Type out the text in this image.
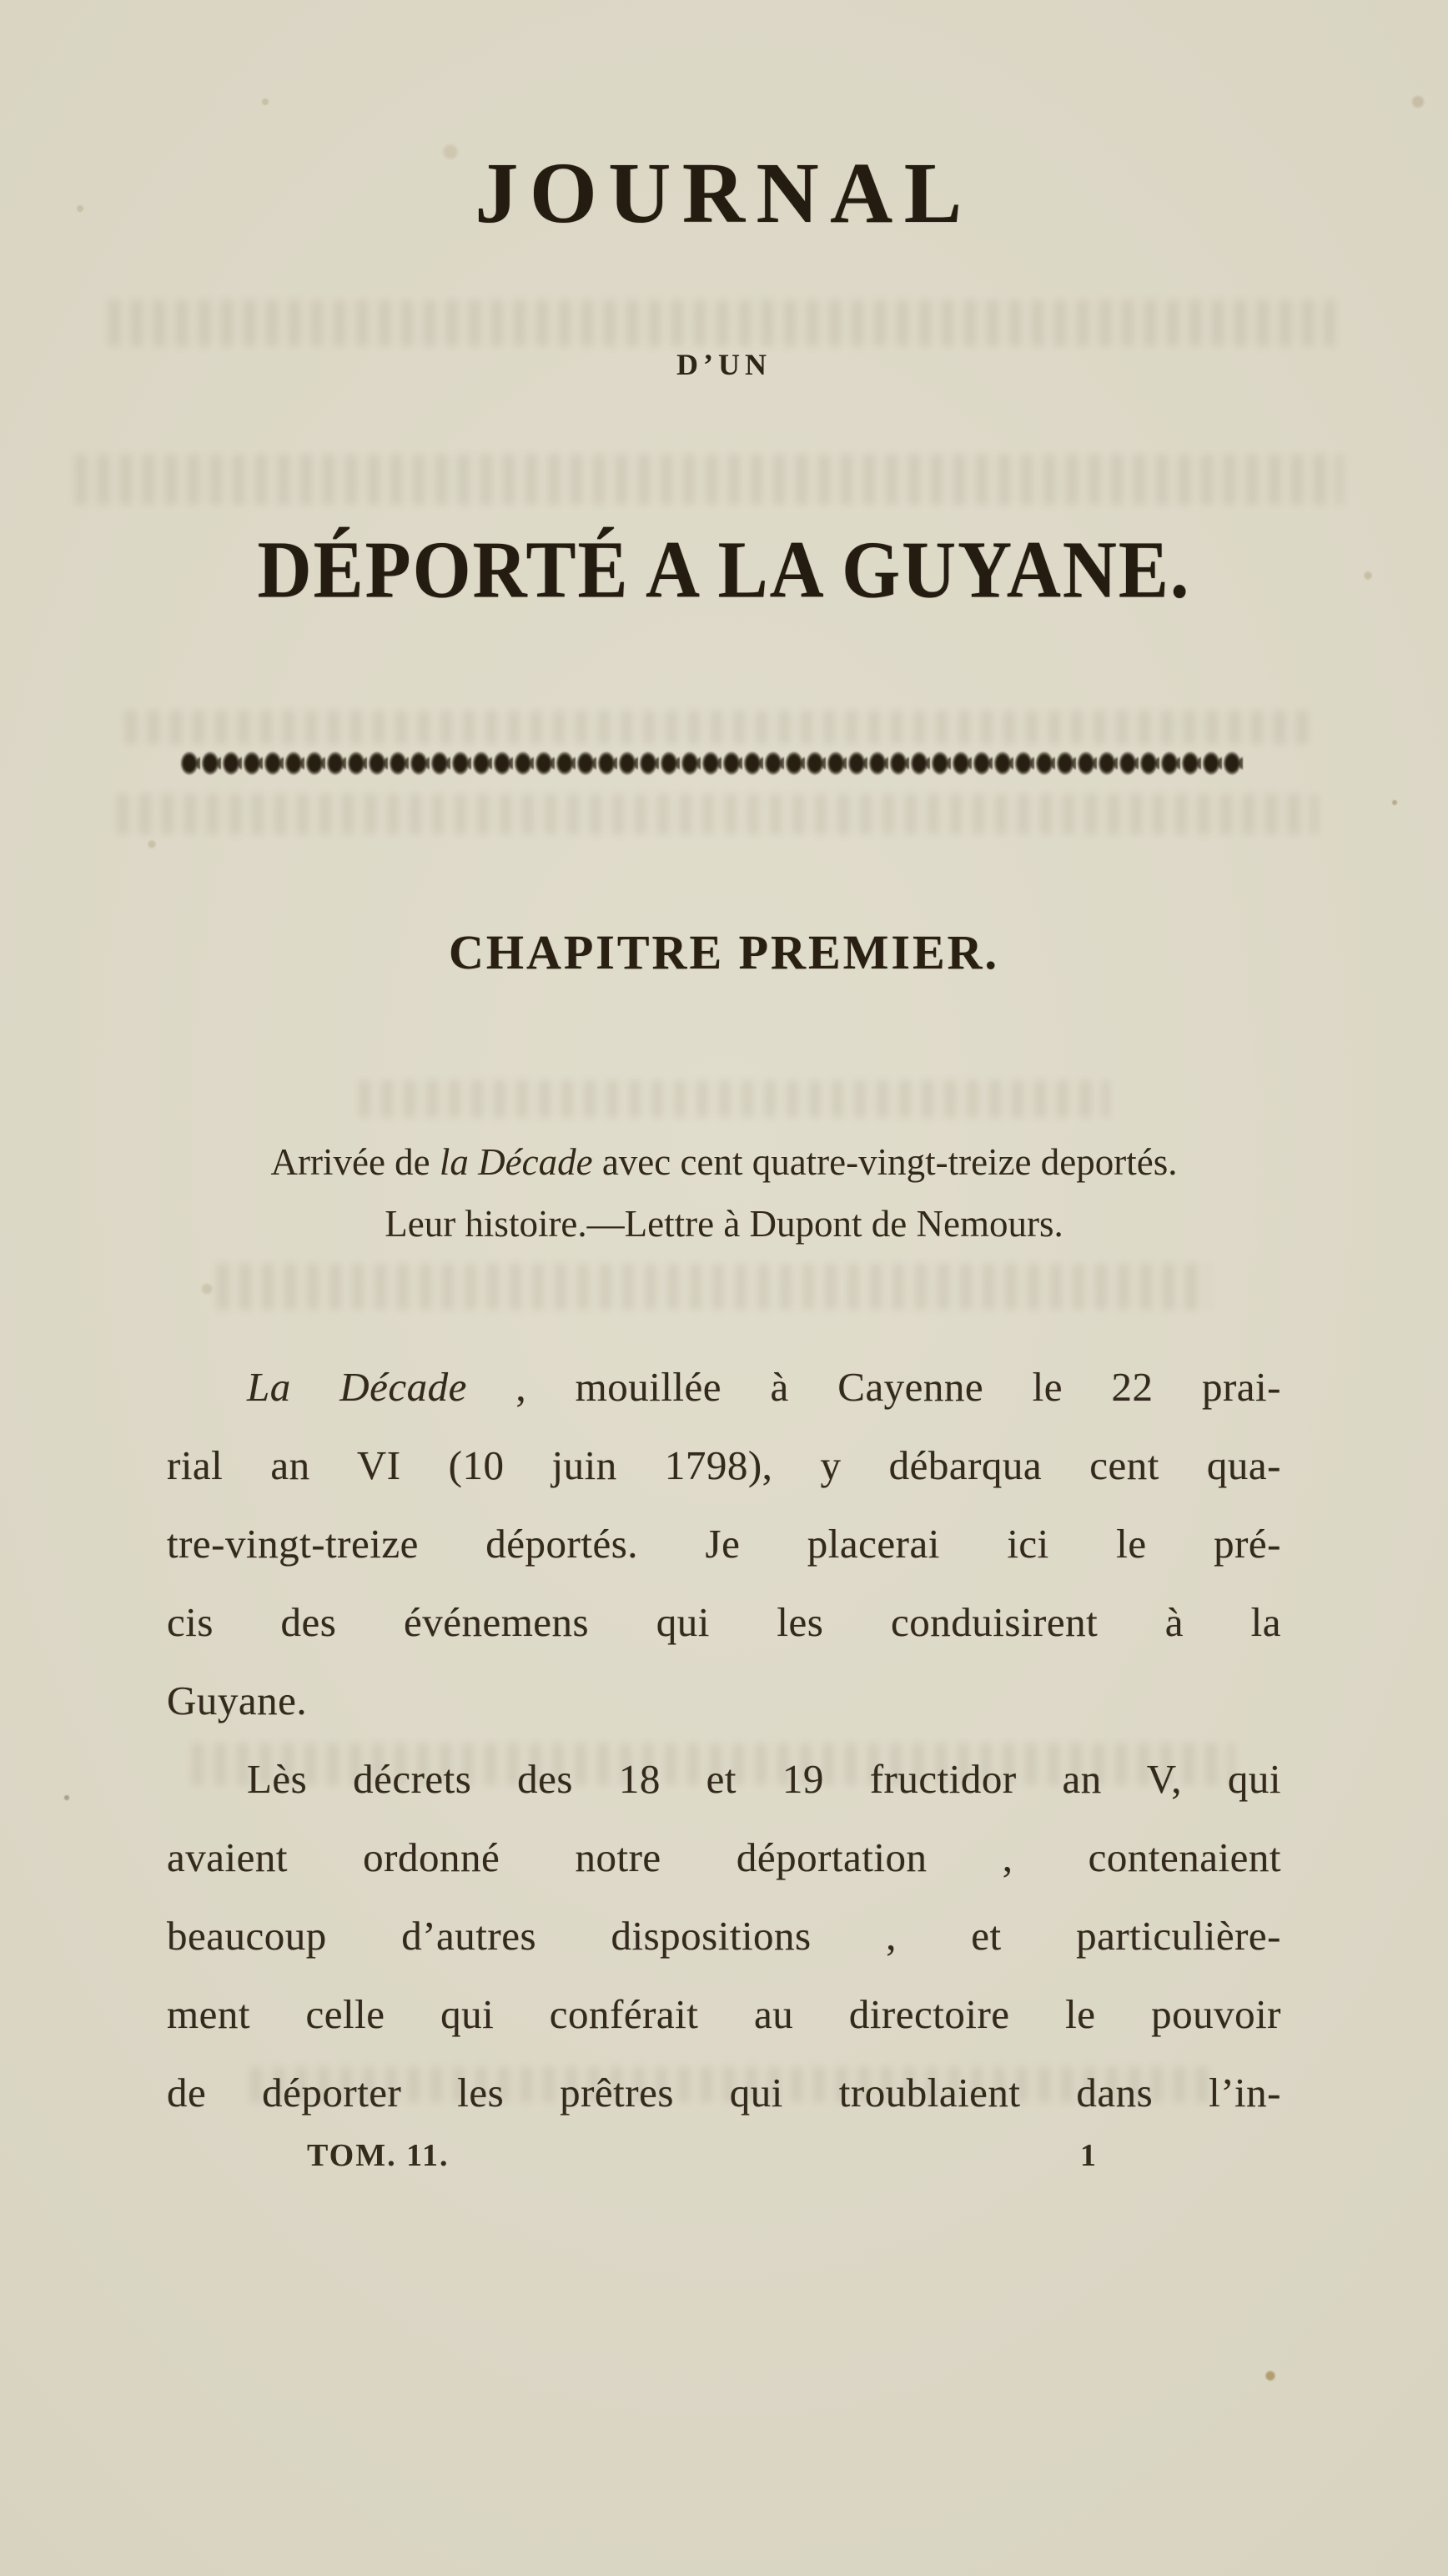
JOURNAL
D’UN
DÉPORTÉ A LA GUYANE.
CHAPITRE PREMIER.
Arrivée de la Décade avec cent quatre-vingt-treize deportés.
Leur histoire.—Lettre à Dupont de Nemours.
La Décade , mouillée à Cayenne le 22 prai-
rial an VI (10 juin 1798), y débarqua cent qua-
tre-vingt-treize déportés. Je placerai ici le pré-
cis des événemens qui les conduisirent à la
Guyane.
Lès décrets des 18 et 19 fructidor an V, qui
avaient ordonné notre déportation , contenaient
beaucoup d’autres dispositions , et particulière-
ment celle qui conférait au directoire le pouvoir
de déporter les prêtres qui troublaient dans l’in-
TOM. 11.	1
